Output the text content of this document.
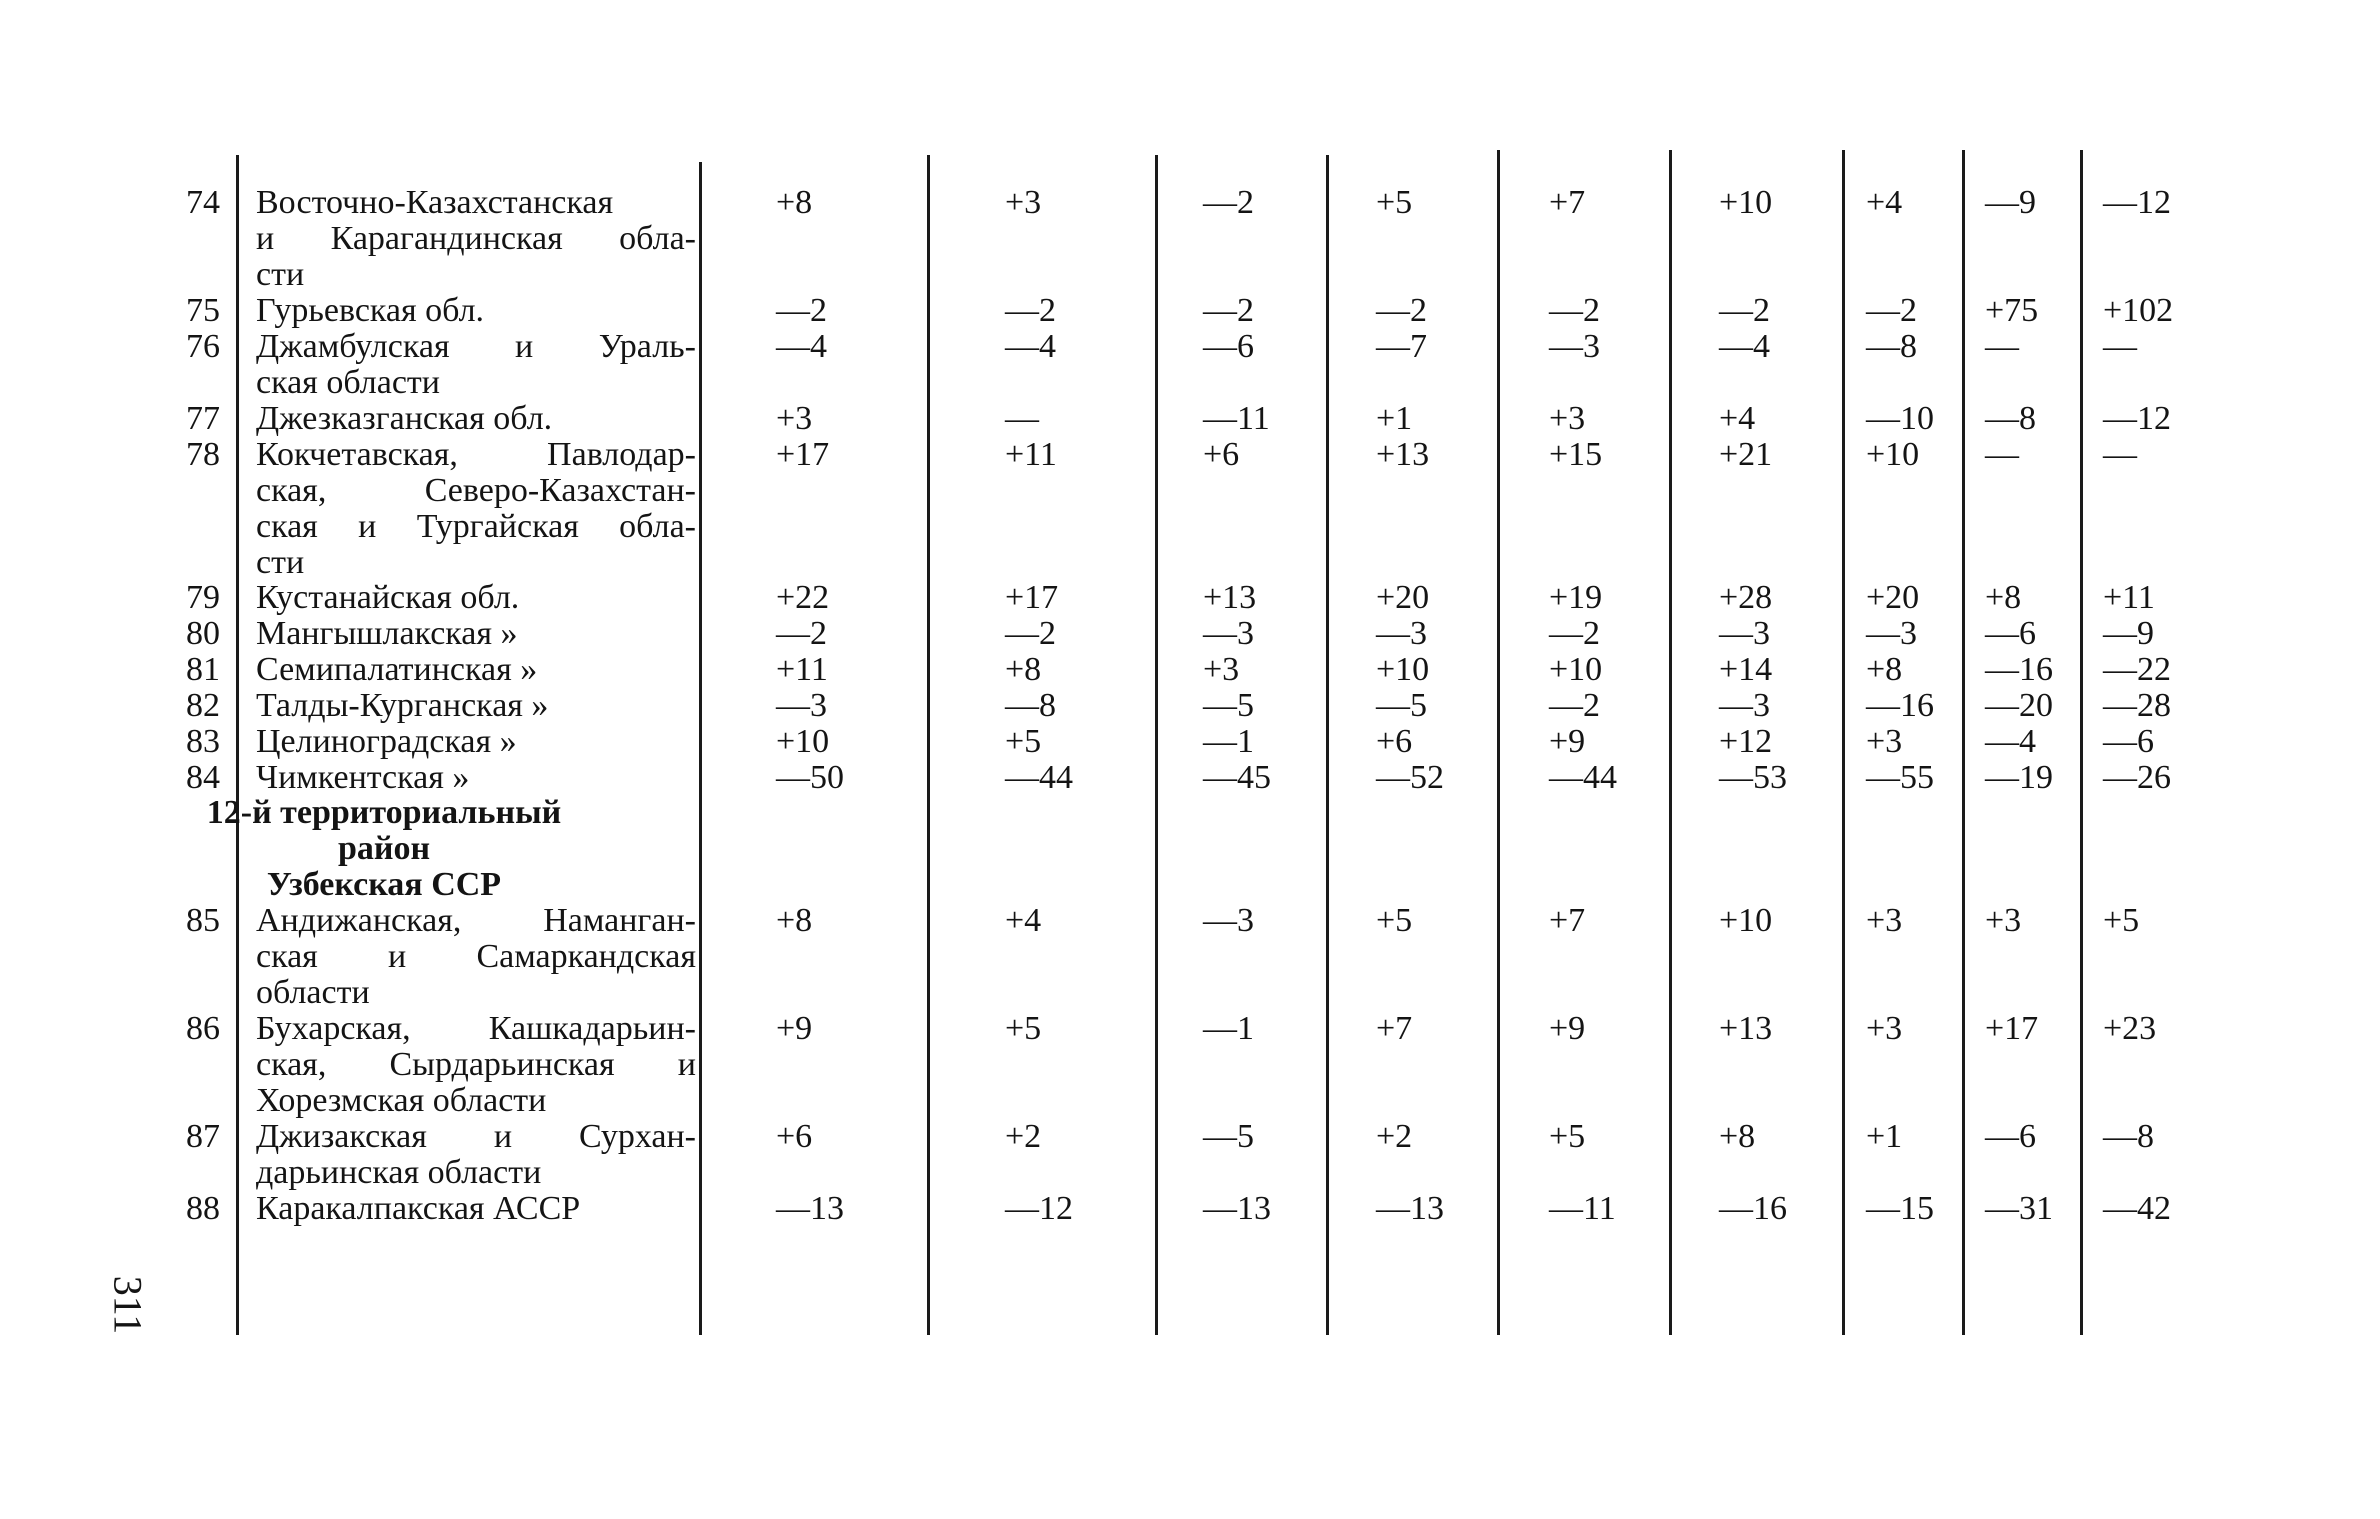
311
12-й территориальный
район
Узбекская ССР
74 Восточно-Казахстанская
и Карагандинская обла-
сти
+8	+3	—2	+5	+7	+10	+4 —9 —12
75 Гурьевская обл.	—2	—2	—2	—2	—2	—2	—2 +75 +102
76 Джамбулская и Ураль-
ская области
—4	—4	—6	—7	—3	—4	—8 — —
77 Джезказганская обл.	+3	—	—11	+1	+3	+4	—10 —8 —12
78 Кокчетавская, Павлодар-
ская, Северо-Казахстан-
ская и Тургайская обла-
сти
+17	+11	+6	+13	+15	+21	+10 — —
79 Кустанайская обл.	+22	+17	+13	+20	+19	+28	+20 +8 +11
80 Мангышлакская »	—2	—2	—3	—3	—2	—3	—3 —6 —9
81 Семипалатинская »	+11	+8	+3	+10	+10	+14	+8 —16 —22
82 Талды-Курганская »	—3	—8	—5	—5	—2	—3	—16 —20 —28
83 Целиноградская »	+10	+5	—1	+6	+9	+12	+3 —4 —6
84 Чимкентская »	—50	—44	—45	—52	—44	—53 —55 —19 —26
85 Андижанская, Наманган-
ская и Самаркандская
области
+8	+4	—3	+5	+7	+10	+3 +3 +5
86 Бухарская, Кашкадарьин-
ская, Сырдарьинская и
Хорезмская области
+9	+5	—1	+7	+9	+13	+3 +17 +23
87 Джизакская и Сурхан-
дарьинская области
+6	+2	—5	+2	+5	+8	+1 —6 —8
88 Каракалпакская АССР	—13	—12	—13	—13	—11	—16 —15 —31 —42
